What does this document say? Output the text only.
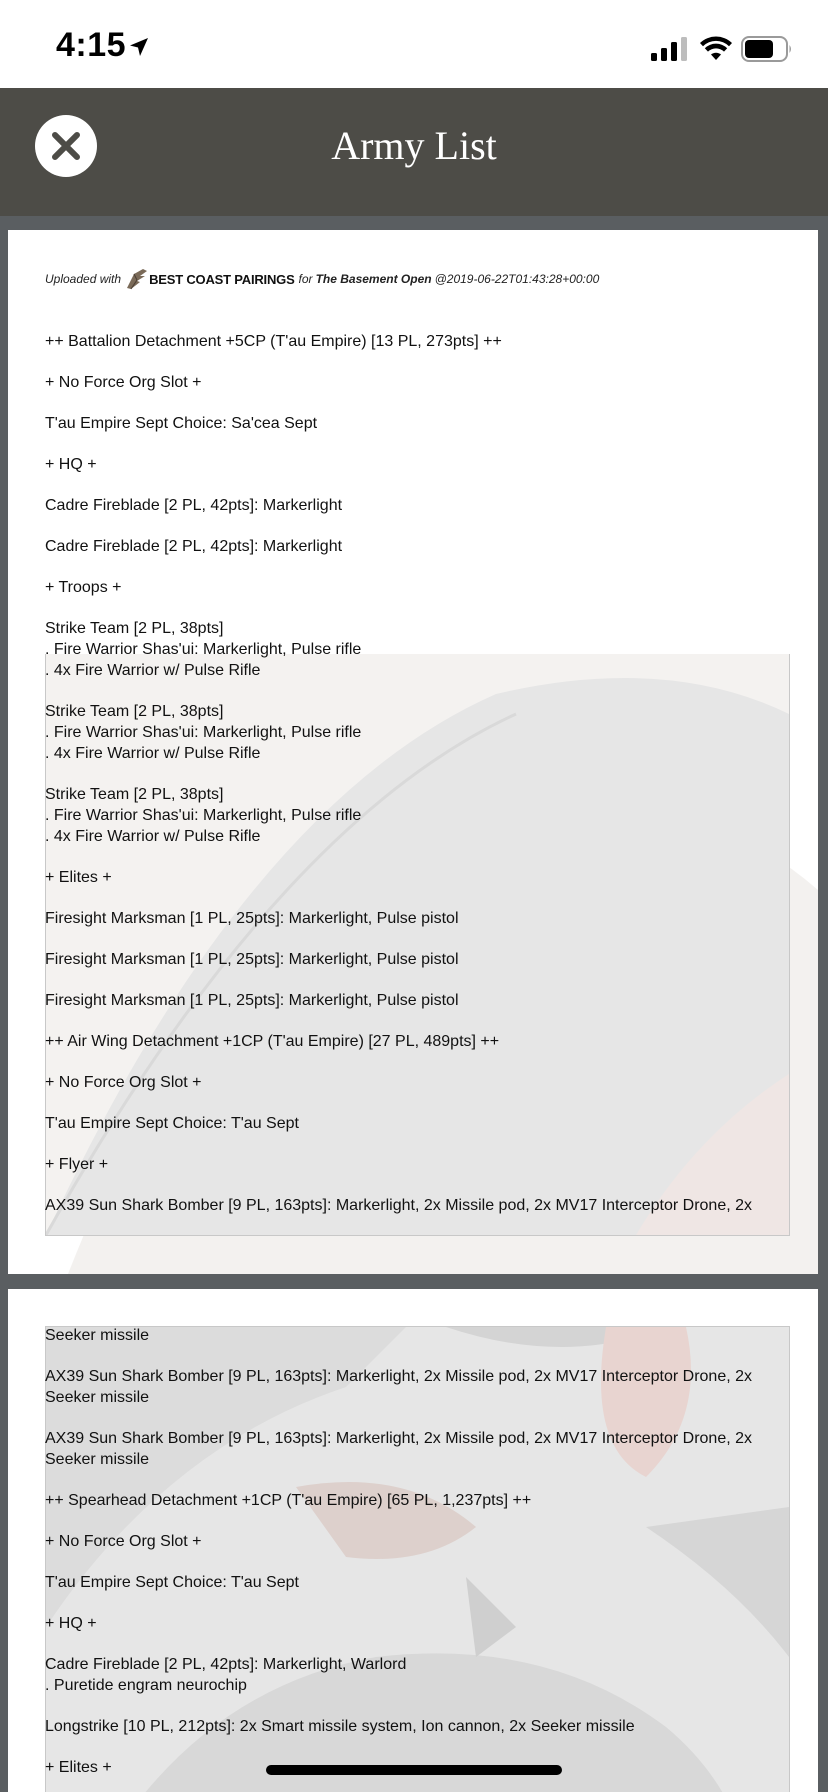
4:15
Army List
Uploaded with BEST COAST PAIRINGS for The Basement Open @2019-06-22T01:43:28+00:00
++ Battalion Detachment +5CP (T'au Empire) [13 PL, 273pts] ++
+ No Force Org Slot +
T'au Empire Sept Choice: Sa'cea Sept
+ HQ +
Cadre Fireblade [2 PL, 42pts]: Markerlight
Cadre Fireblade [2 PL, 42pts]: Markerlight
+ Troops +
Strike Team [2 PL, 38pts]
. Fire Warrior Shas'ui: Markerlight, Pulse rifle
. 4x Fire Warrior w/ Pulse Rifle
Strike Team [2 PL, 38pts]
. Fire Warrior Shas'ui: Markerlight, Pulse rifle
. 4x Fire Warrior w/ Pulse Rifle
Strike Team [2 PL, 38pts]
. Fire Warrior Shas'ui: Markerlight, Pulse rifle
. 4x Fire Warrior w/ Pulse Rifle
+ Elites +
Firesight Marksman [1 PL, 25pts]: Markerlight, Pulse pistol
Firesight Marksman [1 PL, 25pts]: Markerlight, Pulse pistol
Firesight Marksman [1 PL, 25pts]: Markerlight, Pulse pistol
++ Air Wing Detachment +1CP (T'au Empire) [27 PL, 489pts] ++
+ No Force Org Slot +
T'au Empire Sept Choice: T'au Sept
+ Flyer +
AX39 Sun Shark Bomber [9 PL, 163pts]: Markerlight, 2x Missile pod, 2x MV17 Interceptor Drone, 2x
Seeker missile
AX39 Sun Shark Bomber [9 PL, 163pts]: Markerlight, 2x Missile pod, 2x MV17 Interceptor Drone, 2x
Seeker missile
AX39 Sun Shark Bomber [9 PL, 163pts]: Markerlight, 2x Missile pod, 2x MV17 Interceptor Drone, 2x
Seeker missile
++ Spearhead Detachment +1CP (T'au Empire) [65 PL, 1,237pts] ++
+ No Force Org Slot +
T'au Empire Sept Choice: T'au Sept
+ HQ +
Cadre Fireblade [2 PL, 42pts]: Markerlight, Warlord
. Puretide engram neurochip
Longstrike [10 PL, 212pts]: 2x Smart missile system, Ion cannon, 2x Seeker missile
+ Elites +
